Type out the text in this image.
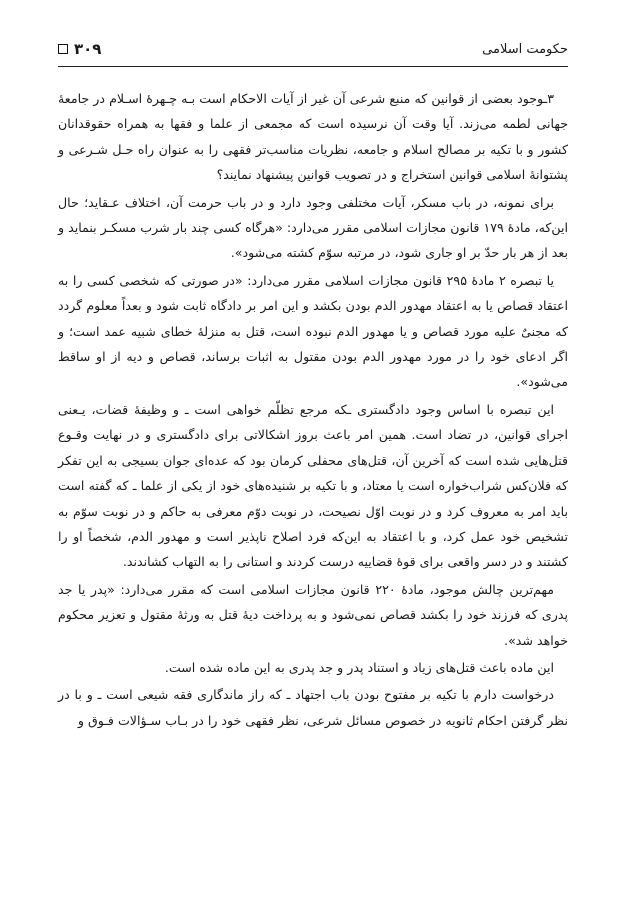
حکومت اسلامی
۳۰۹

۳ـوجود بعضی از قوانین که منبع شرعی آن غیر از آیات الاحکام است بـه چـهرهٔ اسـلام در جامعهٔ جهانی لطمه می‌زند. آیا وقت آن نرسیده است که مجمعی از علما و فقها به همراه حقوقدانان کشور و با تکیه بر مصالح اسلام و جامعه، نظریات مناسب‌تر فقهی را به عنوان راه حـل شـرعی و پشتوانهٔ اسلامی قوانین استخراج و در تصویب قوانین پیشنهاد نمایند؟

برای نمونه، در باب مسکر، آیات مختلفی وجود دارد و در باب حرمت آن، اختلاف عـقاید؛ حال این‌که، مادهٔ ۱۷۹ قانون مجازات اسلامی مقرر می‌دارد: «هرگاه کسی چند بار شرب مسکـر بنماید و بعد از هر بار حدّ بر او جاری شود، در مرتبه سوّم کشته می‌شود».

یا تبصره ۲ مادهٔ ۲۹۵ قانون مجازات اسلامی مقرر می‌دارد: «در صورتی که شخصی کسی را به اعتقاد قصاص یا به اعتقاد مهدور الدم بودن بکشد و این امر بر دادگاه ثابت شود و بعداً معلوم گردد که مجنیٌ علیه مورد قصاص و یا مهدور الدم نبوده است، قتل به منزلهٔ خطای شبیه عمد است؛ و اگر ادعای خود را در مورد مهدور الدم بودن مقتول به اثبات برساند، قصاص و دیه از او ساقط می‌شود».

این تبصره با اساس وجود دادگستری ـکه مرجع تظلّم خواهی است ـ و وظیفهٔ قضات، یـعنی اجرای قوانین، در تضاد است. همین امر باعث بروز اشکالاتی برای دادگستری و در نهایت وقـوع قتل‌هایی شده است که آخرین آن، قتل‌های محفلی کرمان بود که عده‌ای جوان بسیجی به این تفکر که فلان‌کس شراب‌خواره است یا معتاد، و با تکیه بر شنیده‌های خود از یکی از علما ـ که گفته است باید امر به معروف کرد و در نوبت اوّل نصیحت، در نوبت دوّم معرفی به حاکم و در نوبت سوّم به تشخیص خود عمل کرد، و با اعتقاد به این‌که فرد اصلاح ناپذیر است و مهدور الدم، شخصاً او را کشتند و در دسر واقعی برای قوهٔ قضاییه درست کردند و استانی را به التهاب کشاندند.

مهم‌ترین چالش موجود، مادهٔ ۲۲۰ قانون مجازات اسلامی است که مقرر می‌دارد: «پدر یا جد پدری که فرزند خود را بکشد قصاص نمی‌شود و به پرداخت دیهٔ قتل به ورثهٔ مقتول و تعزیر محکوم خواهد شد».

این ماده باعث قتل‌های زیاد و استناد پدر و جد پدری به این ماده شده است.

درخواست دارم با تکیه بر مفتوح بودن باب اجتهاد ـ که راز ماندگاری فقه شیعی است ـ و با در نظر گرفتن احکام ثانویه در خصوص مسائل شرعی، نظر فقهی خود را در بـاب سـؤالات فـوق و
